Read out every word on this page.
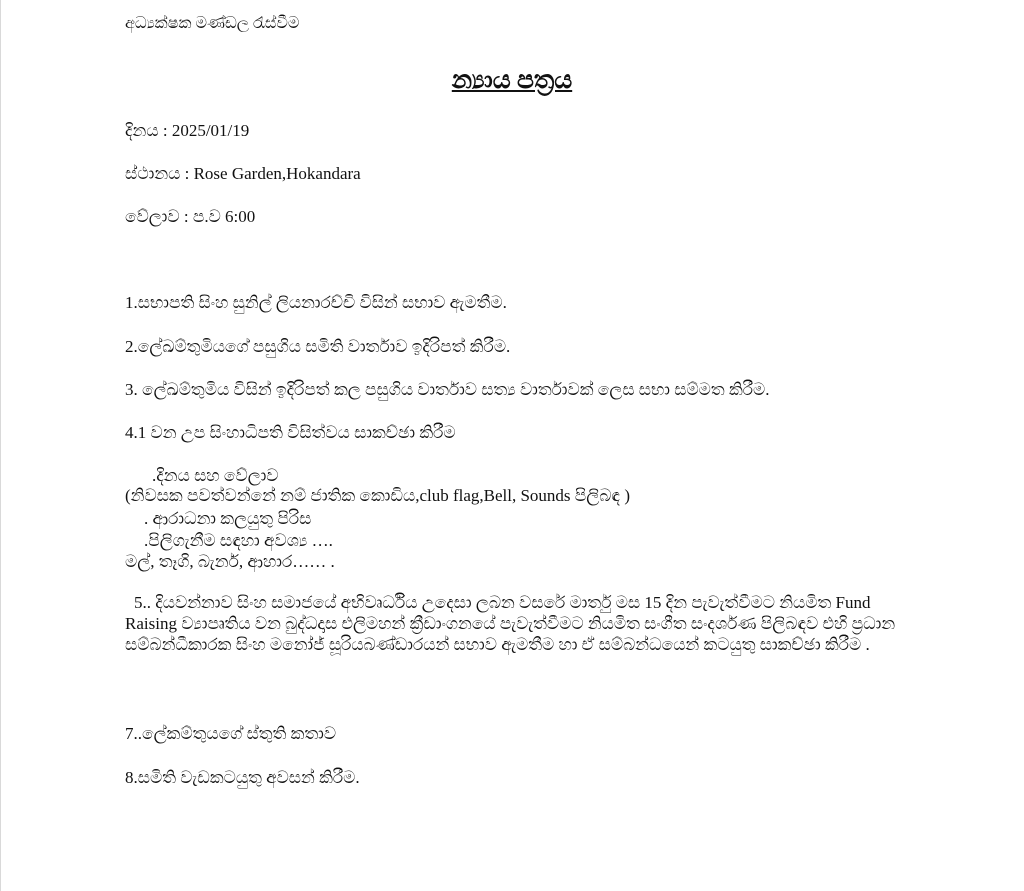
අධ්‍යක්ෂක මණ්ඩල රැස්වීම

න්‍යාය පත්‍රය

දිනය : 2025/01/19

ස්ථානය : Rose Garden,Hokandara

වේලාව : ප.ව 6:00

1.සභාපති සිංහ සුනිල් ලියනාරච්චි විසින් සභාව ඇමතීම.

2.ලේඛම්තුමියගේ පසුගිය සමිති වාර්තාව ඉදිරිපත් කිරීම.

3. ලේඛම්තුමිය විසින් ඉදිරිපත් කල පසුගිය වාර්තාව සත්‍ය වාර්තාවක් ලෙස සභා සම්මත කිරීම.

4.1 වන උප සිංහාධිපති විසිත්වය සාකච්ඡා කිරීම

.දිනය සහ වේලාව

(නිවසක පවත්වන්නේ නම් ජාතික කොඩිය,club flag,Bell, Sounds පිලිබඳ )

. ආරාධනා කලයුතු පිරිස

.පිලිගැනීම සඳහා අවශ්‍ය ….

මල්, තෑගි, බැනර්, ආහාර…… .

5.. දියවන්නාව සිංහ සමාජයේ අභිවෘර්ධිය උදෙසා ලබන වසරේ මාර්තු මස 15 දින පැවැත්වීමට නියමිත Fund Raising ව්‍යාපෘතිය වන බුද්ධදාස එලිමහන් ක්‍රීඩාංගනයේ පැවැත්වීමට නියමිත සංගීත සංදර්ශණ පිලිබඳව එහි ප්‍රධාන සම්බන්ධීකාරක සිංහ මනෝජ් සූරියබණ්ඩාරයන් සභාව ඇමතීම හා ඒ සම්බන්ධයෙන් කටයුතු සාකච්ඡා කිරීම .

7..ලේකම්තුයගේ ස්තුති කතාව

8.සමිති වැඩකටයුතු අවසන් කිරීම.
